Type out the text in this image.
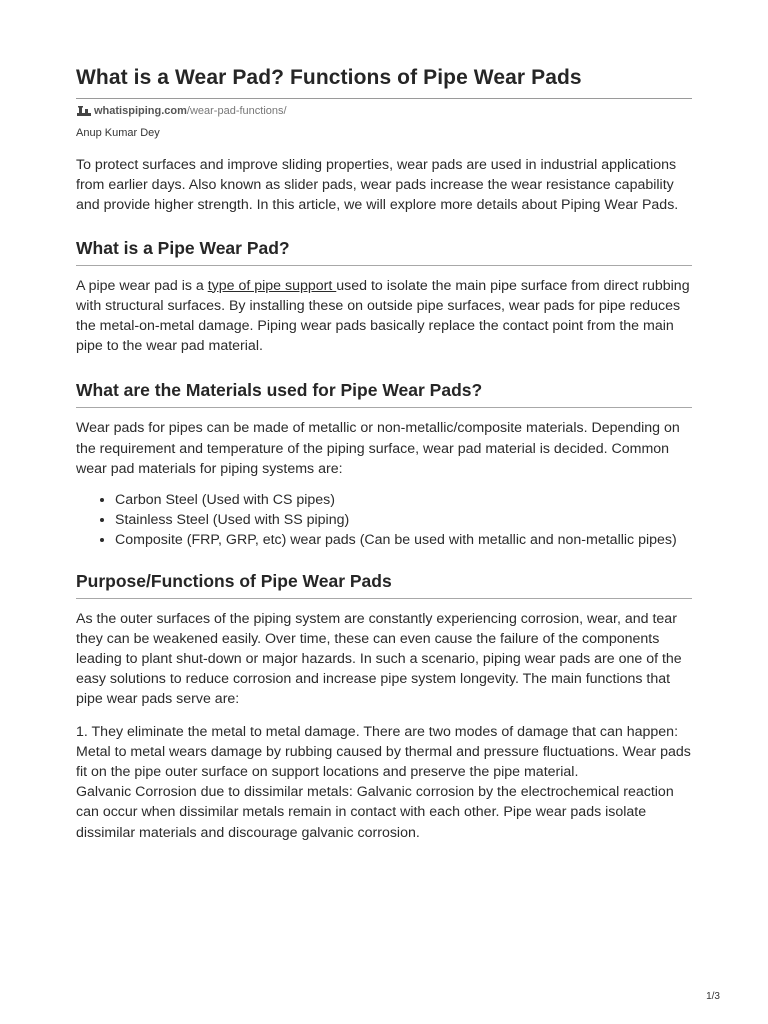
What is a Wear Pad? Functions of Pipe Wear Pads
whatispiping.com/wear-pad-functions/
Anup Kumar Dey

To protect surfaces and improve sliding properties, wear pads are used in industrial applications from earlier days. Also known as slider pads, wear pads increase the wear resistance capability and provide higher strength. In this article, we will explore more details about Piping Wear Pads.

What is a Pipe Wear Pad?

A pipe wear pad is a type of pipe support used to isolate the main pipe surface from direct rubbing with structural surfaces. By installing these on outside pipe surfaces, wear pads for pipe reduces the metal-on-metal damage. Piping wear pads basically replace the contact point from the main pipe to the wear pad material.

What are the Materials used for Pipe Wear Pads?

Wear pads for pipes can be made of metallic or non-metallic/composite materials. Depending on the requirement and temperature of the piping surface, wear pad material is decided. Common wear pad materials for piping systems are:

• Carbon Steel (Used with CS pipes)
• Stainless Steel (Used with SS piping)
• Composite (FRP, GRP, etc) wear pads (Can be used with metallic and non-metallic pipes)
Purpose/Functions of Pipe Wear Pads

As the outer surfaces of the piping system are constantly experiencing corrosion, wear, and tear they can be weakened easily. Over time, these can even cause the failure of the components leading to plant shut-down or major hazards. In such a scenario, piping wear pads are one of the easy solutions to reduce corrosion and increase pipe system longevity. The main functions that pipe wear pads serve are:

1. They eliminate the metal to metal damage. There are two modes of damage that can happen:
Metal to metal wears damage by rubbing caused by thermal and pressure fluctuations. Wear pads fit on the pipe outer surface on support locations and preserve the pipe material.
Galvanic Corrosion due to dissimilar metals: Galvanic corrosion by the electrochemical reaction can occur when dissimilar metals remain in contact with each other. Pipe wear pads isolate dissimilar materials and discourage galvanic corrosion.

1/3
